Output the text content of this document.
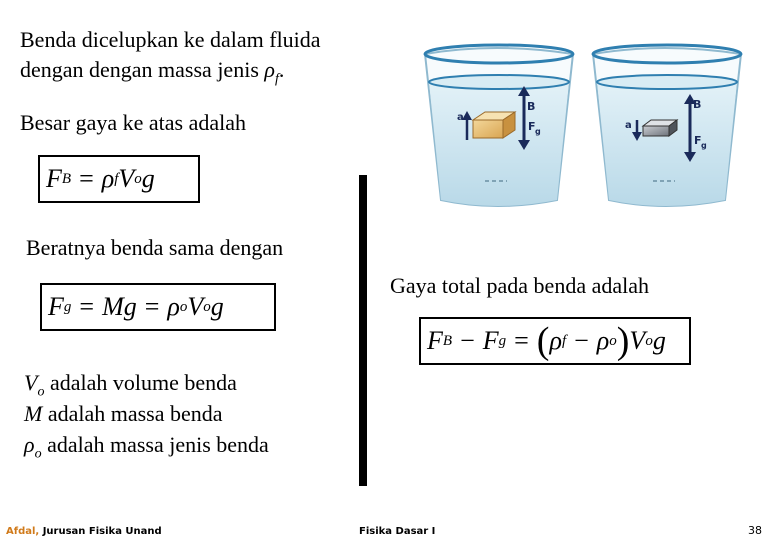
Benda dicelupkan ke dalam fluida
dengan dengan massa jenis $\rho_f$.
Besar gaya ke atas adalah
F B = ρ f V o g
Beratnya benda sama dengan
F g = Mg = ρ o V o g
$V_o$ adalah volume benda
M adalah massa benda
$\rho_o$ adalah massa jenis benda
Gaya total pada benda adalah
F B − F g = ( ρ f − ρ o ) V o g
B
F g
a
B
F g
a
Afdal, Jurusan Fisika Unand	Fisika Dasar I	38
